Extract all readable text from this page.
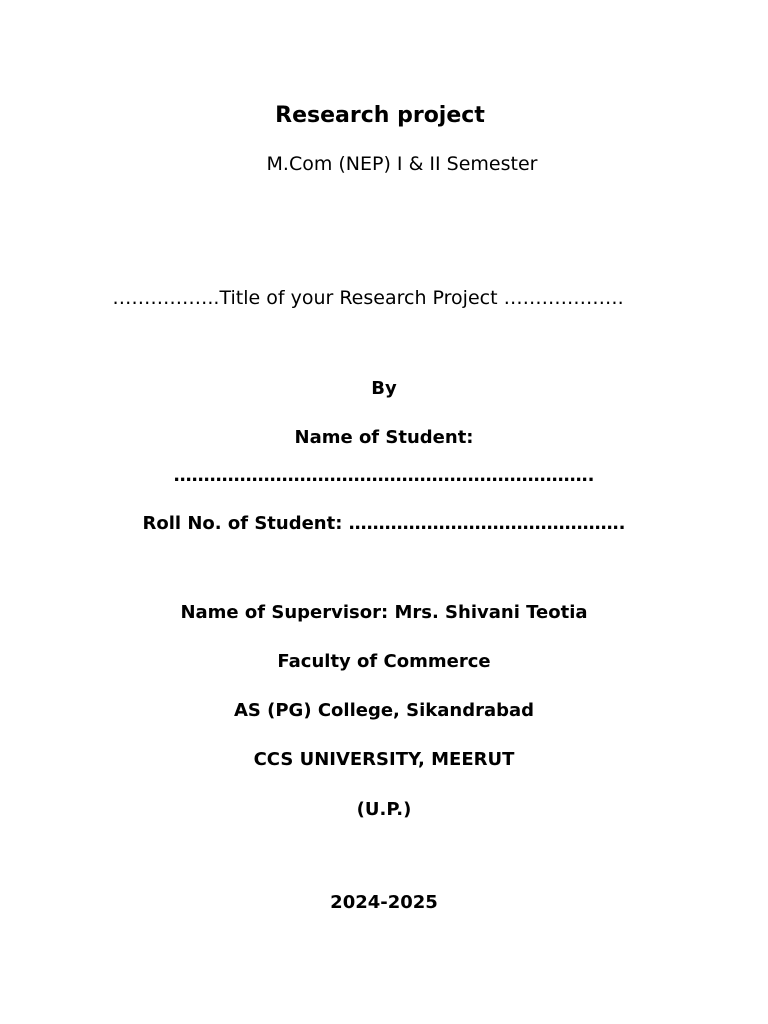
Research project
M.Com (NEP) I & II Semester
……………..Title of your Research Project ……………….
By
Name of Student:
…………………………………………………………….
Roll No. of Student: ……………………………………….
Name of Supervisor: Mrs. Shivani Teotia
Faculty of Commerce
AS (PG) College, Sikandrabad
CCS UNIVERSITY, MEERUT
(U.P.)
2024-2025
